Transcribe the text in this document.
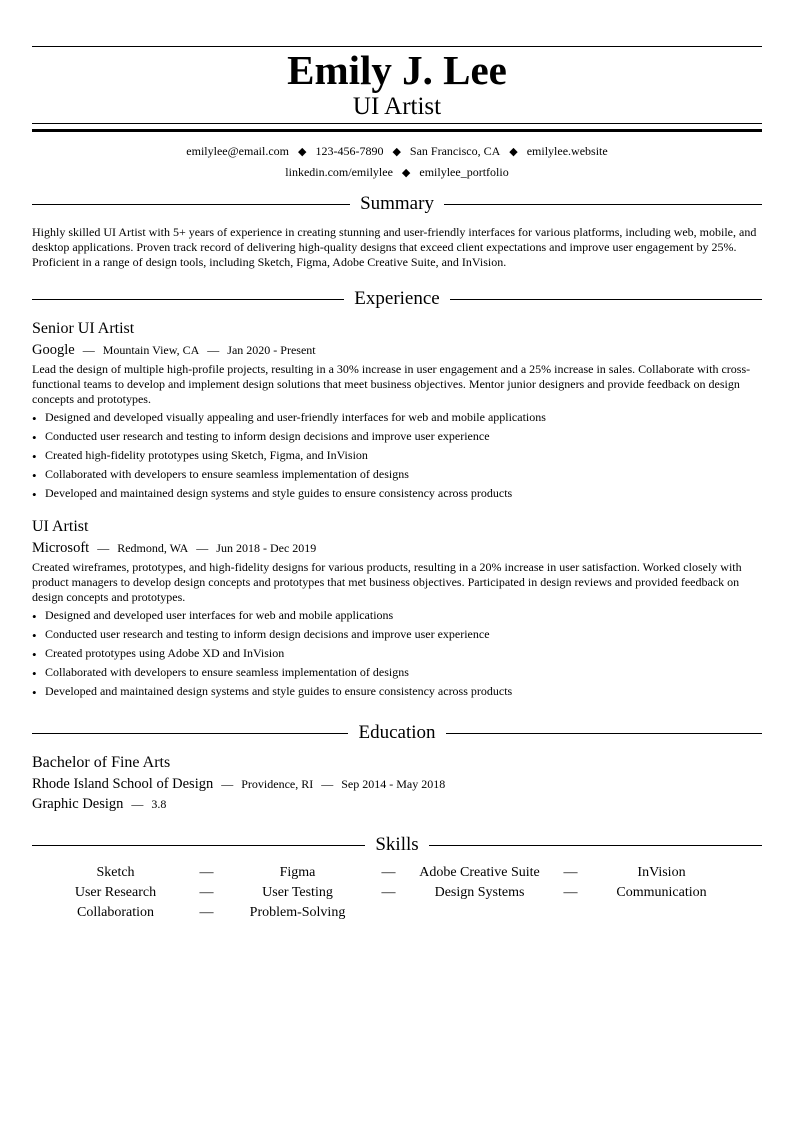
Emily J. Lee
UI Artist
emilylee@email.com ◆ 123-456-7890 ◆ San Francisco, CA ◆ emilylee.website
linkedin.com/emilylee ◆ emilylee_portfolio
Summary
Highly skilled UI Artist with 5+ years of experience in creating stunning and user-friendly interfaces for various platforms, including web, mobile, and desktop applications. Proven track record of delivering high-quality designs that exceed client expectations and improve user engagement by 25%. Proficient in a range of design tools, including Sketch, Figma, Adobe Creative Suite, and InVision.
Experience
Senior UI Artist
Google — Mountain View, CA — Jan 2020 - Present
Lead the design of multiple high-profile projects, resulting in a 30% increase in user engagement and a 25% increase in sales. Collaborate with cross-functional teams to develop and implement design solutions that meet business objectives. Mentor junior designers and provide feedback on design concepts and prototypes.
• Designed and developed visually appealing and user-friendly interfaces for web and mobile applications
• Conducted user research and testing to inform design decisions and improve user experience
• Created high-fidelity prototypes using Sketch, Figma, and InVision
• Collaborated with developers to ensure seamless implementation of designs
• Developed and maintained design systems and style guides to ensure consistency across products
UI Artist
Microsoft — Redmond, WA — Jun 2018 - Dec 2019
Created wireframes, prototypes, and high-fidelity designs for various products, resulting in a 20% increase in user satisfaction. Worked closely with product managers to develop design concepts and prototypes that met business objectives. Participated in design reviews and provided feedback on design concepts and prototypes.
• Designed and developed user interfaces for web and mobile applications
• Conducted user research and testing to inform design decisions and improve user experience
• Created prototypes using Adobe XD and InVision
• Collaborated with developers to ensure seamless implementation of designs
• Developed and maintained design systems and style guides to ensure consistency across products
Education
Bachelor of Fine Arts
Rhode Island School of Design — Providence, RI — Sep 2014 - May 2018
Graphic Design — 3.8
Skills
Sketch	—	Figma	—	Adobe Creative Suite	—	InVision
User Research	—	User Testing	—	Design Systems	—	Communication
Collaboration	—	Problem-Solving
